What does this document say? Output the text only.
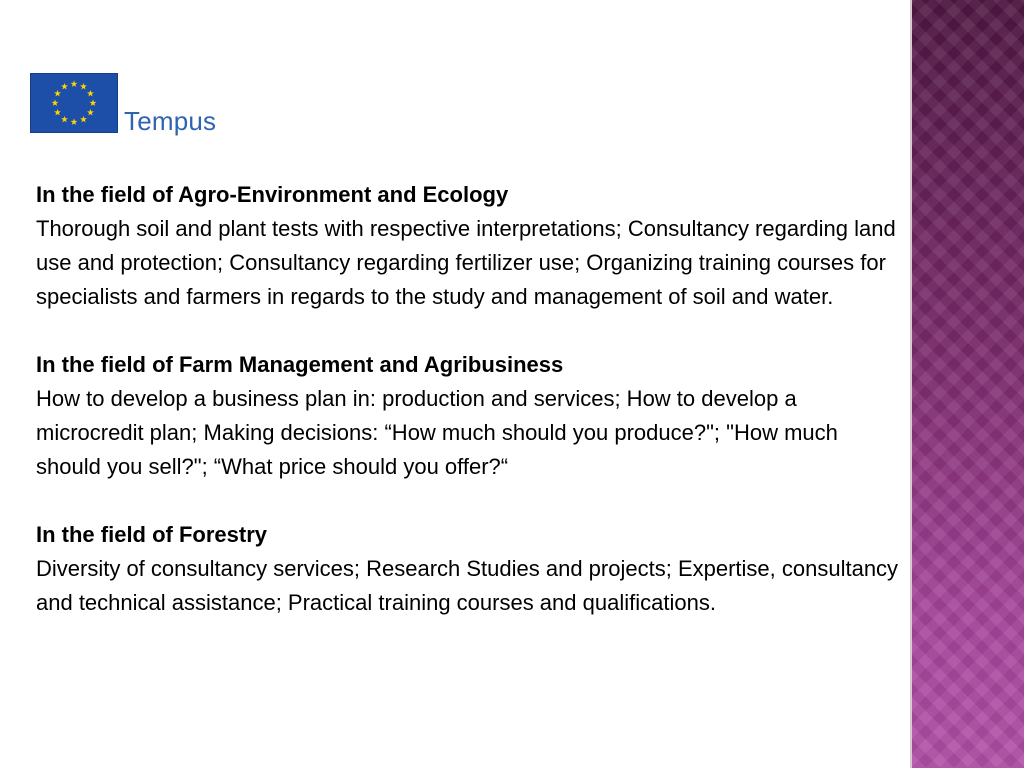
Tempus
In the field of Agro-Environment and Ecology
Thorough soil and plant tests with respective interpretations; Consultancy regarding land use and protection; Consultancy regarding fertilizer use; Organizing training courses for specialists and farmers in regards to the study and management of soil and water.
In the field of Farm Management and Agribusiness
How to develop a business plan in: production and services; How to develop a microcredit plan; Making decisions: “How much should you produce?"; "How much should you sell?"; “What price should you offer?“
In the field of Forestry
Diversity of consultancy services; Research Studies and projects; Expertise, consultancy and technical assistance; Practical training courses and qualifications.
